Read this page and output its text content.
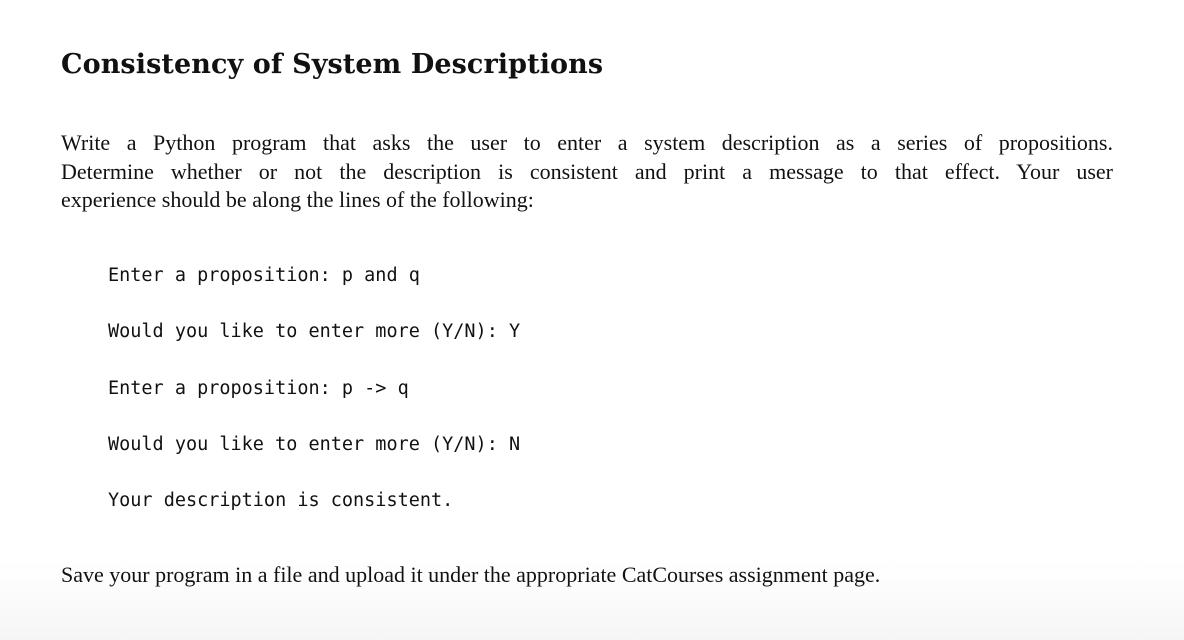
Consistency of System Descriptions

Write a Python program that asks the user to enter a system description as a series of propositions.
Determine whether or not the description is consistent and print a message to that effect. Your user
experience should be along the lines of the following:

Enter a proposition: p and q
Would you like to enter more (Y/N): Y
Enter a proposition: p -> q
Would you like to enter more (Y/N): N
Your description is consistent.

Save your program in a file and upload it under the appropriate CatCourses assignment page.
